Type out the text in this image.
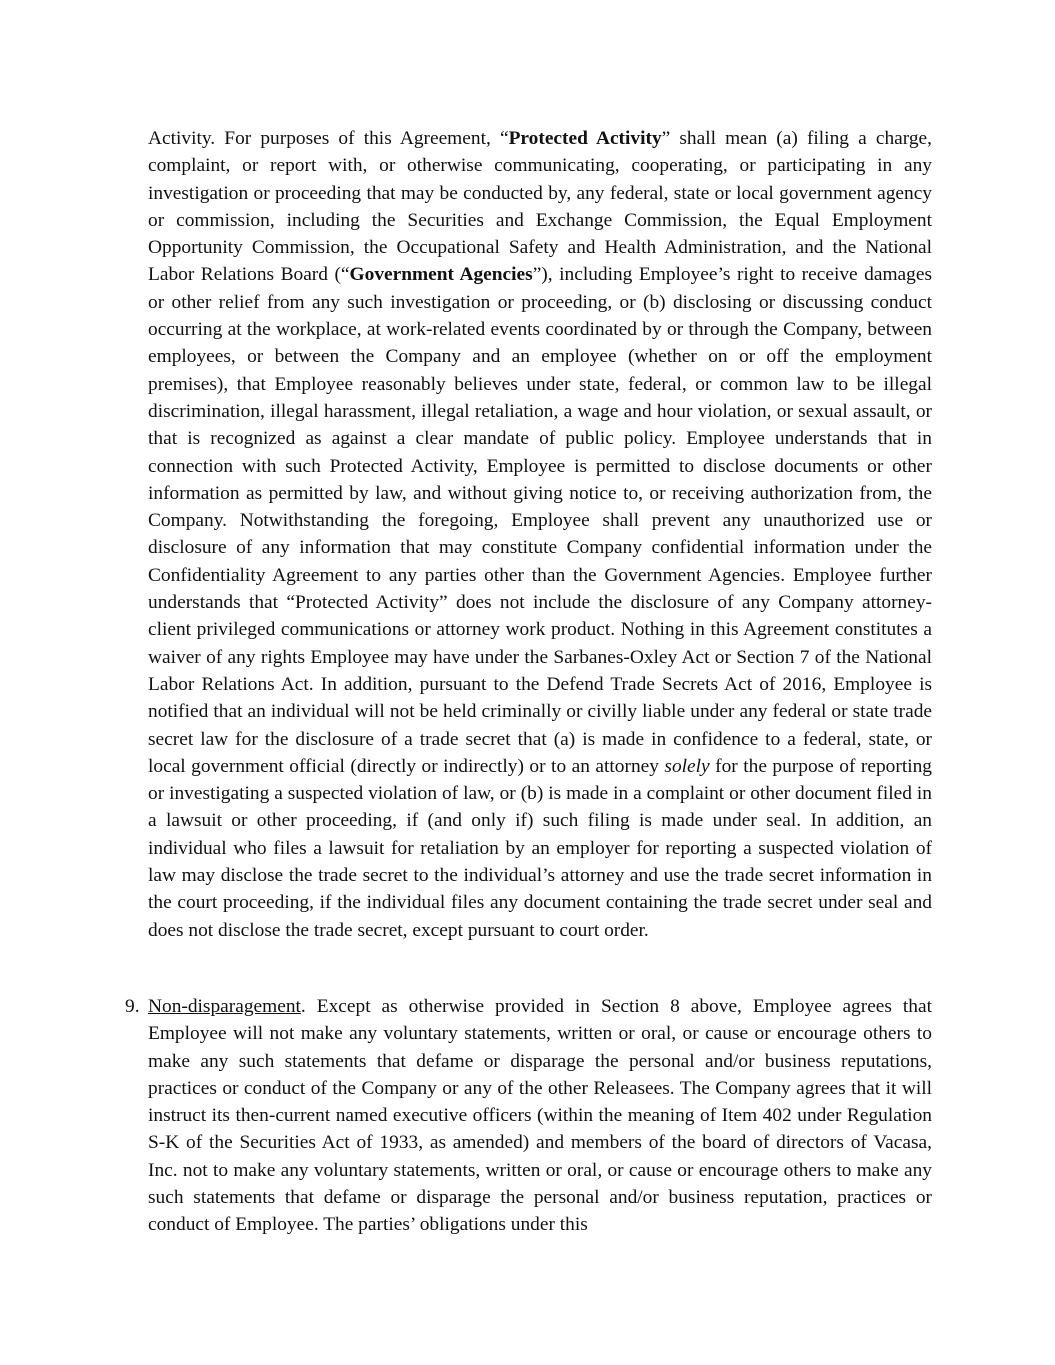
Activity. For purposes of this Agreement, “Protected Activity” shall mean (a) filing a charge, complaint, or report with, or otherwise communicating, cooperating, or participating in any investigation or proceeding that may be conducted by, any federal, state or local government agency or commission, including the Securities and Exchange Commission, the Equal Employment Opportunity Commission, the Occupational Safety and Health Administration, and the National Labor Relations Board (“Government Agencies”), including Employee’s right to receive damages or other relief from any such investigation or proceeding, or (b) disclosing or discussing conduct occurring at the workplace, at work-related events coordinated by or through the Company, between employees, or between the Company and an employee (whether on or off the employment premises), that Employee reasonably believes under state, federal, or common law to be illegal discrimination, illegal harassment, illegal retaliation, a wage and hour violation, or sexual assault, or that is recognized as against a clear mandate of public policy. Employee understands that in connection with such Protected Activity, Employee is permitted to disclose documents or other information as permitted by law, and without giving notice to, or receiving authorization from, the Company. Notwithstanding the foregoing, Employee shall prevent any unauthorized use or disclosure of any information that may constitute Company confidential information under the Confidentiality Agreement to any parties other than the Government Agencies. Employee further understands that “Protected Activity” does not include the disclosure of any Company attorney-client privileged communications or attorney work product. Nothing in this Agreement constitutes a waiver of any rights Employee may have under the Sarbanes-Oxley Act or Section 7 of the National Labor Relations Act. In addition, pursuant to the Defend Trade Secrets Act of 2016, Employee is notified that an individual will not be held criminally or civilly liable under any federal or state trade secret law for the disclosure of a trade secret that (a) is made in confidence to a federal, state, or local government official (directly or indirectly) or to an attorney solely for the purpose of reporting or investigating a suspected violation of law, or (b) is made in a complaint or other document filed in a lawsuit or other proceeding, if (and only if) such filing is made under seal. In addition, an individual who files a lawsuit for retaliation by an employer for reporting a suspected violation of law may disclose the trade secret to the individual’s attorney and use the trade secret information in the court proceeding, if the individual files any document containing the trade secret under seal and does not disclose the trade secret, except pursuant to court order.

9. Non-disparagement. Except as otherwise provided in Section 8 above, Employee agrees that Employee will not make any voluntary statements, written or oral, or cause or encourage others to make any such statements that defame or disparage the personal and/or business reputations, practices or conduct of the Company or any of the other Releasees. The Company agrees that it will instruct its then-current named executive officers (within the meaning of Item 402 under Regulation S-K of the Securities Act of 1933, as amended) and members of the board of directors of Vacasa, Inc. not to make any voluntary statements, written or oral, or cause or encourage others to make any such statements that defame or disparage the personal and/or business reputation, practices or conduct of Employee. The parties’ obligations under this
